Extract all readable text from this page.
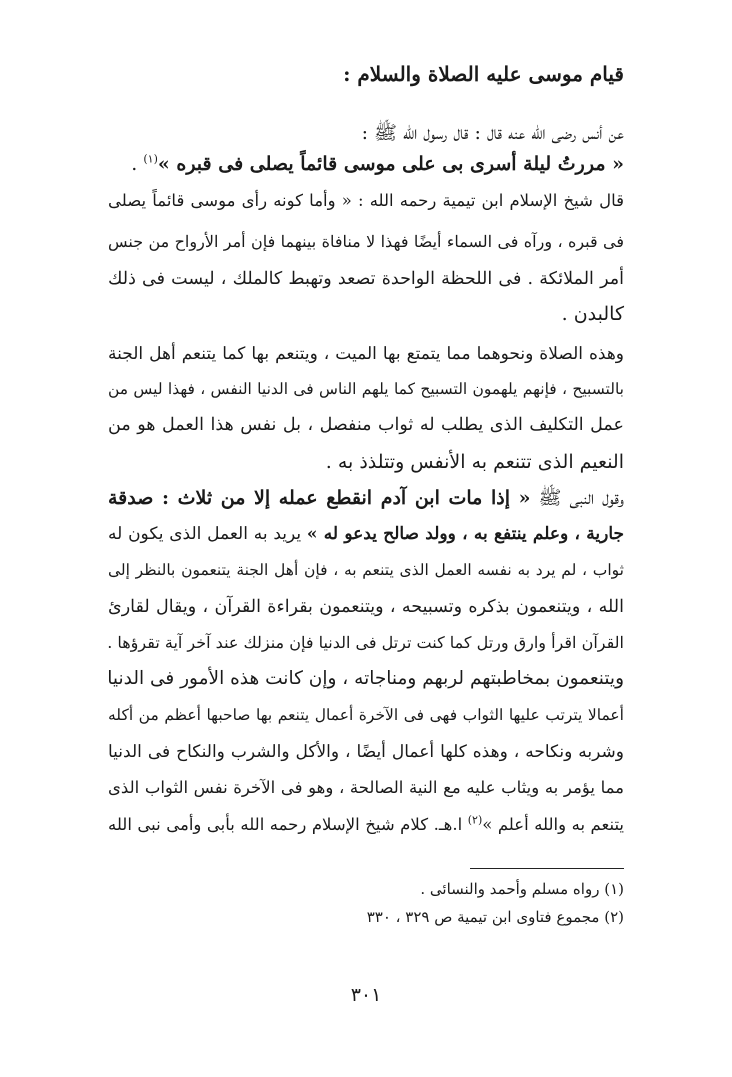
قيام موسى عليه الصلاة والسلام :
عن أنس رضى الله عنه قال : قال رسول الله ﷺ :
« مررتُ ليلة أسرى بى على موسى قائماً يصلى فى قبره »$^{(١)}$ .
قال شيخ الإسلام ابن تيمية رحمه الله : « وأما كونه رأى موسى قائماً يصلى
فى قبره ، ورآه فى السماء أيضًا فهذا لا منافاة بينهما فإن أمر الأرواح من جنس
أمر الملائكة . فى اللحظة الواحدة تصعد وتهبط كالملك ، ليست فى ذلك
كالبدن .
وهذه الصلاة ونحوهما مما يتمتع بها الميت ، ويتنعم بها كما يتنعم أهل الجنة
بالتسبيح ، فإنهم يلهمون التسبيح كما يلهم الناس فى الدنيا النفس ، فهذا ليس من
عمل التكليف الذى يطلب له ثواب منفصل ، بل نفس هذا العمل هو من
النعيم الذى تتنعم به الأنفس وتتلذذ به .
وقول النبى ﷺ « إذا مات ابن آدم انقطع عمله إلا من ثلاث : صدقة
جارية ، وعلم ينتفع به ، وولد صالح يدعو له » يريد به العمل الذى يكون له
ثواب ، لم يرد به نفسه العمل الذى يتنعم به ، فإن أهل الجنة يتنعمون بالنظر إلى
الله ، ويتنعمون بذكره وتسبيحه ، ويتنعمون بقراءة القرآن ، ويقال لقارئ
القرآن اقرأ وارق ورتل كما كنت ترتل فى الدنيا فإن منزلك عند آخر آية تقرؤها .
ويتنعمون بمخاطبتهم لربهم ومناجاته ، وإن كانت هذه الأمور فى الدنيا
أعمالا يترتب عليها الثواب فهى فى الآخرة أعمال يتنعم بها صاحبها أعظم من أكله
وشربه ونكاحه ، وهذه كلها أعمال أيضًا ، والأكل والشرب والنكاح فى الدنيا
مما يؤمر به ويثاب عليه مع النية الصالحة ، وهو فى الآخرة نفس الثواب الذى
يتنعم به والله أعلم »$^{(٢)}$ ا.هـ. كلام شيخ الإسلام رحمه الله بأبى وأمى نبى الله
(١) رواه مسلم وأحمد والنسائى .
(٢) مجموع فتاوى ابن تيمية ص ٣٢٩ ، ٣٣٠
٣٠١
